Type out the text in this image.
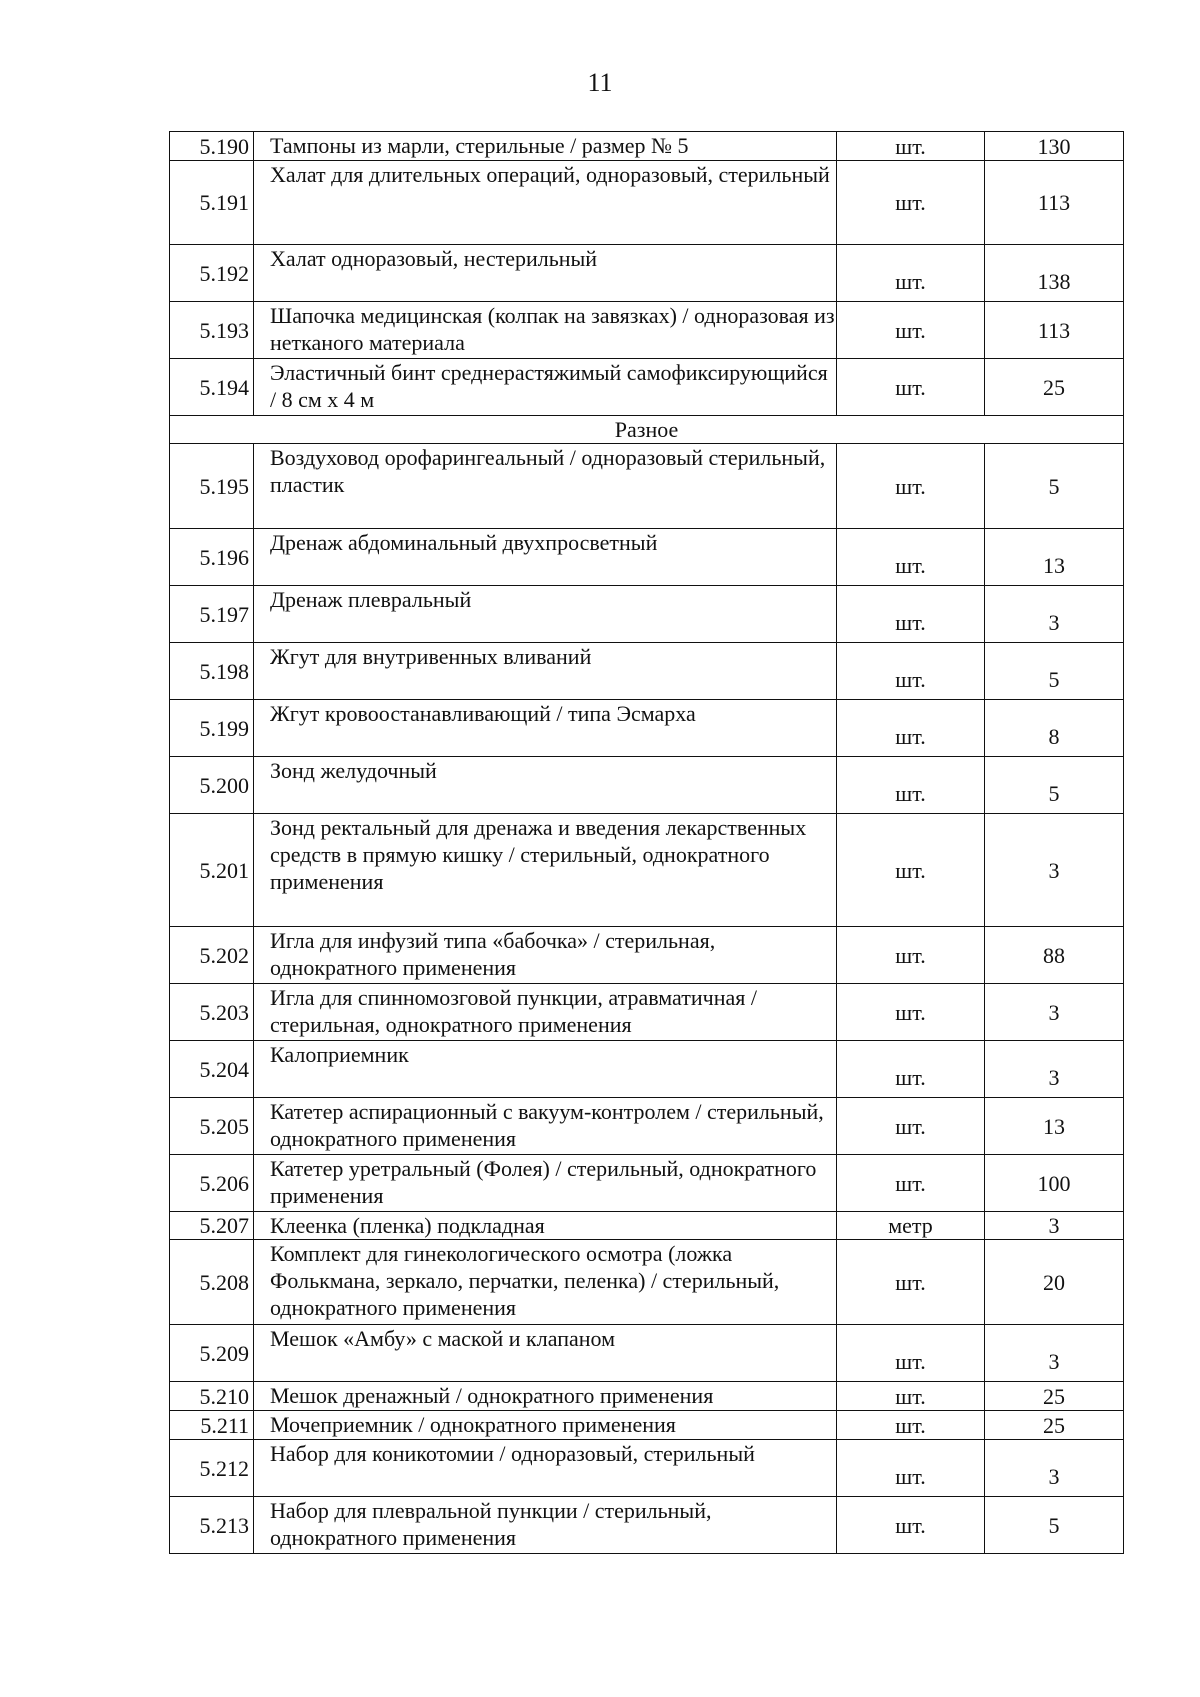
11
5.190	Тампоны из марли, стерильные / размер № 5	шт.	130
5.191	Халат для длительных операций, одноразовый, стерильный	шт.	113
5.192	Халат одноразовый, нестерильный	шт.	138
5.193	Шапочка медицинская (колпак на завязках) / одноразовая из нетканого материала	шт.	113
5.194	Эластичный бинт среднерастяжимый самофиксирующийся / 8 см х 4 м	шт.	25
Разное			
5.195	Воздуховод орофарингеальный / одноразовый стерильный, пластик	шт.	5
5.196	Дренаж абдоминальный двухпросветный	шт.	13
5.197	Дренаж плевральный	шт.	3
5.198	Жгут для внутривенных вливаний	шт.	5
5.199	Жгут кровоостанавливающий / типа Эсмарха	шт.	8
5.200	Зонд желудочный	шт.	5
5.201	Зонд ректальный для дренажа и введения лекарственных средств в прямую кишку / стерильный, однократного применения	шт.	3
5.202	Игла для инфузий типа «бабочка» / стерильная, однократного применения	шт.	88
5.203	Игла для спинномозговой пункции, атравматичная / стерильная, однократного применения	шт.	3
5.204	Калоприемник	шт.	3
5.205	Катетер аспирационный с вакуум-контролем / стерильный, однократного применения	шт.	13
5.206	Катетер уретральный (Фолея) / стерильный, однократного применения	шт.	100
5.207	Клеенка (пленка) подкладная	метр	3
5.208	Комплект для гинекологического осмотра (ложка Фолькмана, зеркало, перчатки, пеленка) / стерильный, однократного применения	шт.	20
5.209	Мешок «Амбу» с маской и клапаном	шт.	3
5.210	Мешок дренажный / однократного применения	шт.	25
5.211	Мочеприемник / однократного применения	шт.	25
5.212	Набор для коникотомии / одноразовый, стерильный	шт.	3
5.213	Набор для плевральной пункции / стерильный, однократного применения	шт.	5
